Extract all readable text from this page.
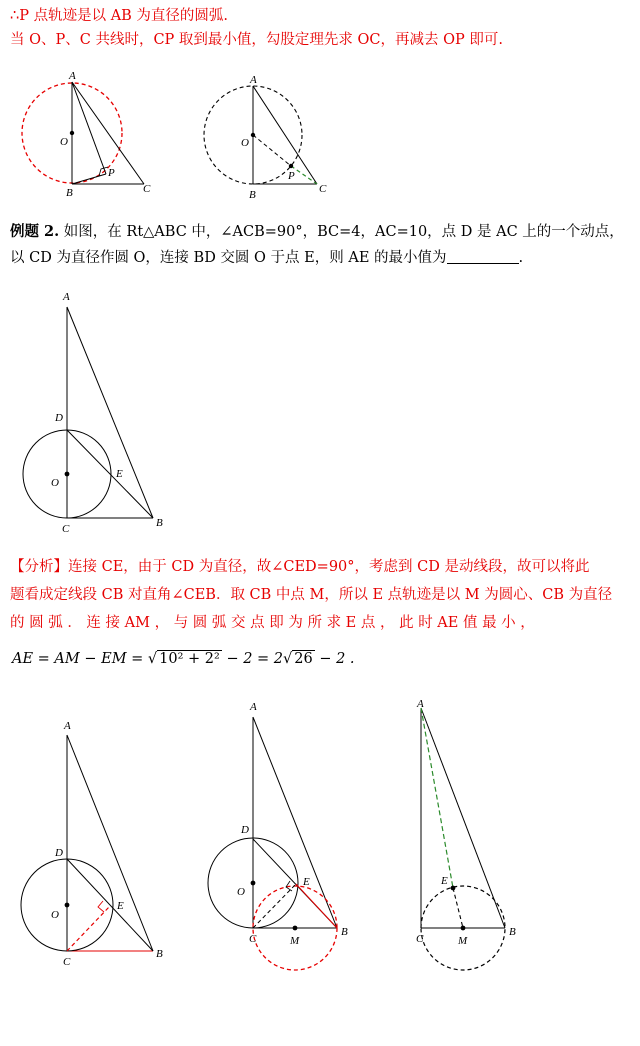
∴P 点轨迹是以 AB 为直径的圆弧.
当 O、P、C 共线时，CP 取到最小值，勾股定理先求 OC，再减去 OP 即可.
A
O
B
P
C
A
O
B
P
C
例题 2. 如图，在 Rt△ABC 中，∠ACB=90°，BC=4，AC=10，点 D 是 AC 上的一个动点，
以 CD 为直径作圆 O，连接 BD 交圆 O 于点 E，则 AE 的最小值为	.
A
D
O
E
C	B
【分析】连接 CE，由于 CD 为直径，故∠CED=90°，考虑到 CD 是动线段，故可以将此
题看成定线段 CB 对直角∠CEB．取 CB 中点 M，所以 E 点轨迹是以 M 为圆心、CB 为直径
的 圆 弧 ． 连 接 AM ， 与 圆 弧 交 点 即 为 所 求 E 点 ， 此 时 AE 值 最 小 ，
AE = AM − EM = √ 10² + 2² − 2 = 2√ 26 − 2 .
A
D
O
E
C
B
A
D
O
E
C	M
B
A
E
C	M
B
